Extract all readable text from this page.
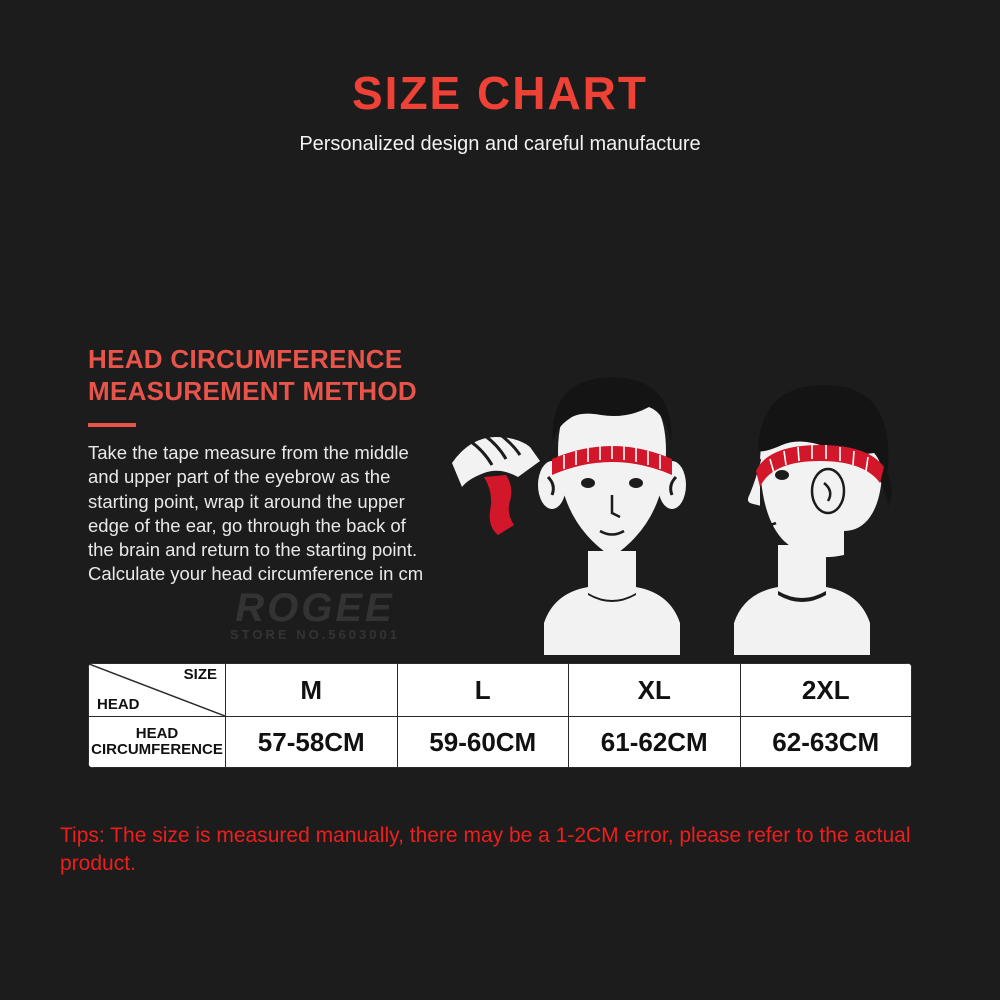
SIZE CHART
Personalized design and careful manufacture
HEAD CIRCUMFERENCE
MEASUREMENT METHOD
Take the tape measure from the middle and upper part of the eyebrow as the starting point, wrap it around the upper edge of the ear, go through the back of the brain and return to the starting point. Calculate your head circumference in cm
ROGEE
STORE NO.5603001
SIZE
HEAD	M	L	XL	2XL

HEAD
CIRCUMFERENCE	57-58CM	59-60CM	61-62CM	62-63CM
Tips: The size is measured manually, there may be a 1-2CM error, please refer to the actual product.
